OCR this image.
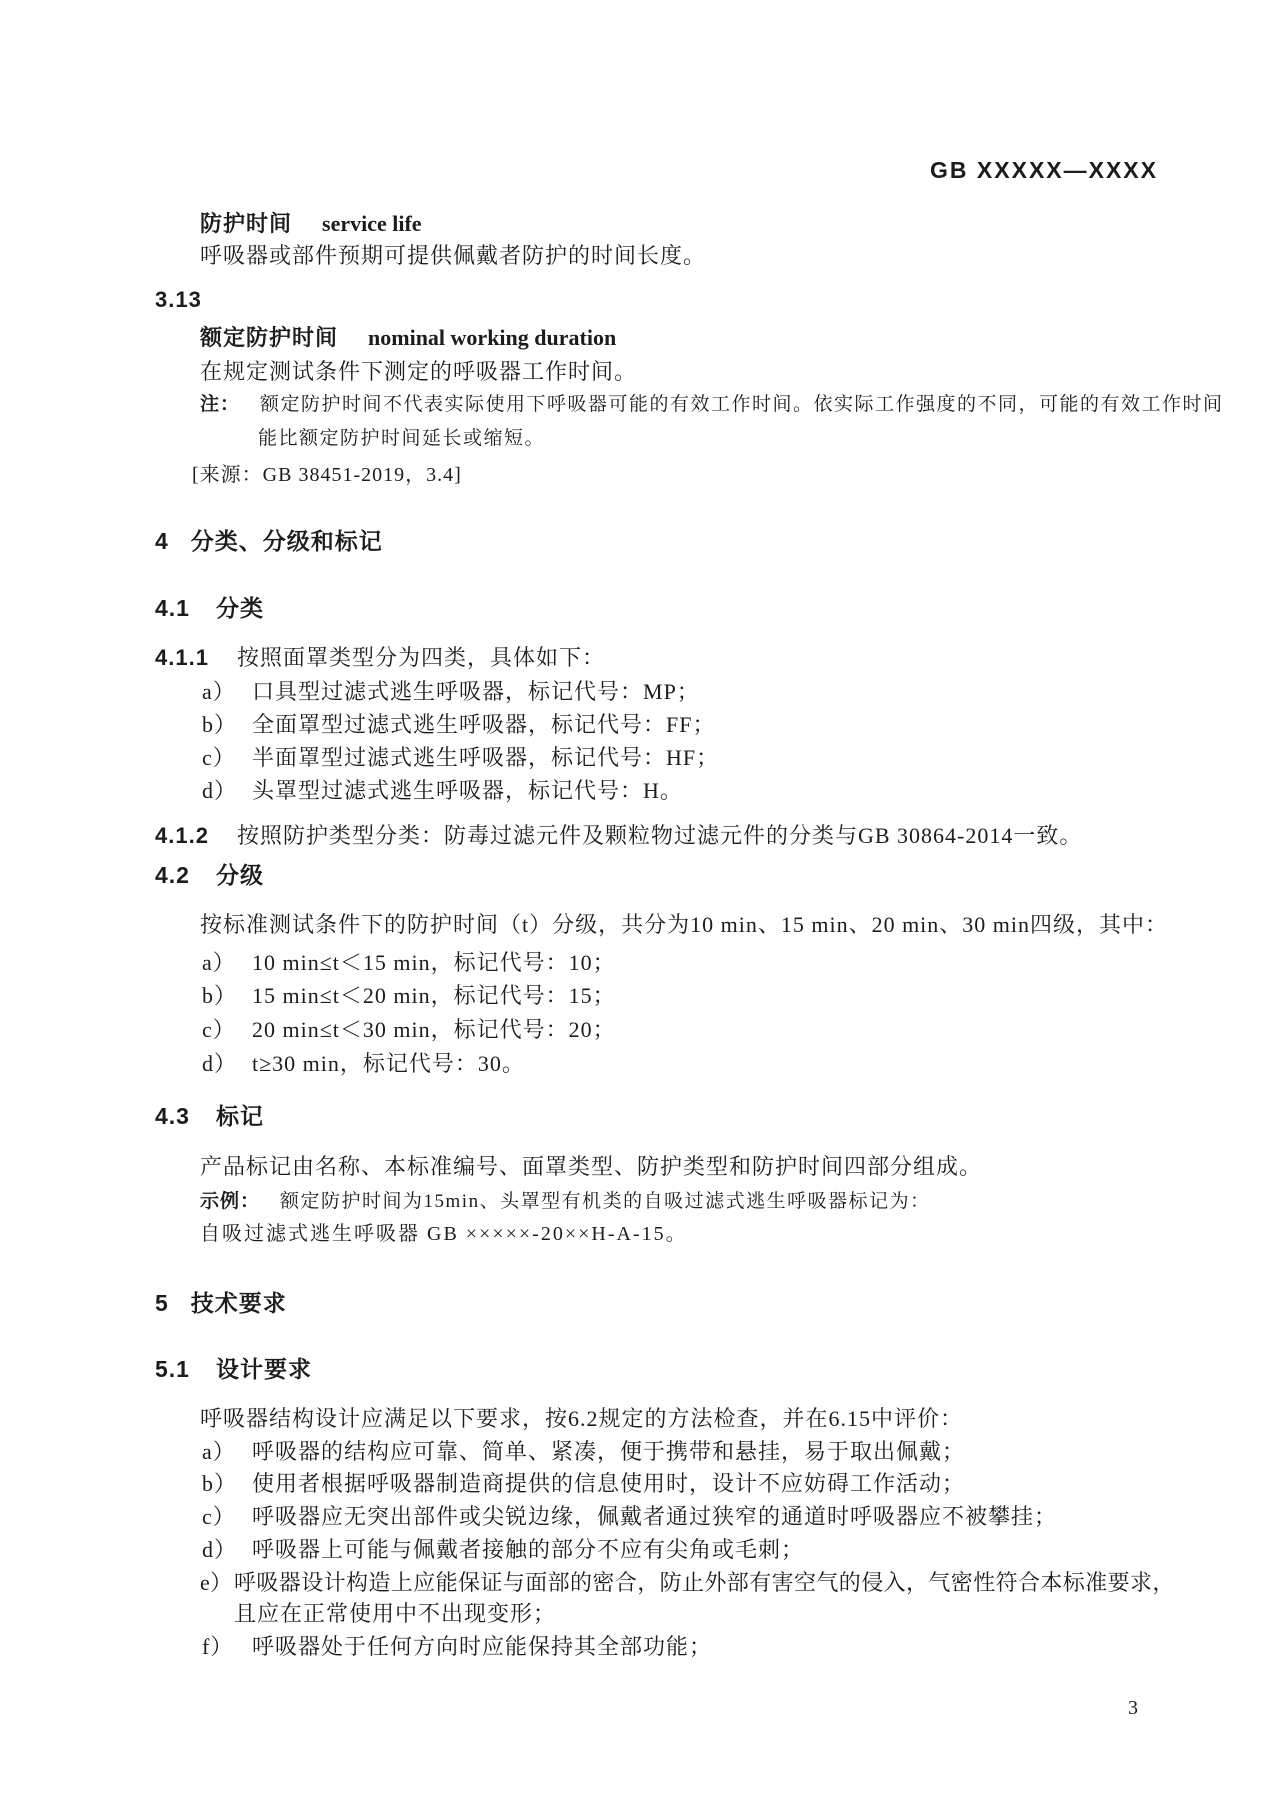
GB XXXXX—XXXX
防护时间 service life
呼吸器或部件预期可提供佩戴者防护的时间长度。
3.13
额定防护时间 nominal working duration
在规定测试条件下测定的呼吸器工作时间。
注： 额定防护时间不代表实际使用下呼吸器可能的有效工作时间。依实际工作强度的不同，可能的有效工作时间
能比额定防护时间延长或缩短。
[来源：GB 38451-2019，3.4]
4 分类、分级和标记
4.1 分类
4.1.1 按照面罩类型分为四类，具体如下：
a） 口具型过滤式逃生呼吸器，标记代号：MP；
b） 全面罩型过滤式逃生呼吸器，标记代号：FF；
c） 半面罩型过滤式逃生呼吸器，标记代号：HF；
d） 头罩型过滤式逃生呼吸器，标记代号：H。
4.1.2 按照防护类型分类：防毒过滤元件及颗粒物过滤元件的分类与GB 30864-2014一致。
4.2 分级
按标准测试条件下的防护时间（t）分级，共分为10 min、15 min、20 min、30 min四级，其中：
a） 10 min≤t＜15 min，标记代号：10；
b） 15 min≤t＜20 min，标记代号：15；
c） 20 min≤t＜30 min，标记代号：20；
d） t≥30 min，标记代号：30。
4.3 标记
产品标记由名称、本标准编号、面罩类型、防护类型和防护时间四部分组成。
示例： 额定防护时间为15min、头罩型有机类的自吸过滤式逃生呼吸器标记为：
自吸过滤式逃生呼吸器 GB ×××××-20××H-A-15。
5 技术要求
5.1 设计要求
呼吸器结构设计应满足以下要求，按6.2规定的方法检查，并在6.15中评价：
a） 呼吸器的结构应可靠、简单、紧凑，便于携带和悬挂，易于取出佩戴；
b） 使用者根据呼吸器制造商提供的信息使用时，设计不应妨碍工作活动；
c） 呼吸器应无突出部件或尖锐边缘，佩戴者通过狭窄的通道时呼吸器应不被攀挂；
d） 呼吸器上可能与佩戴者接触的部分不应有尖角或毛刺；
e）呼吸器设计构造上应能保证与面部的密合，防止外部有害空气的侵入，气密性符合本标准要求，
且应在正常使用中不出现变形；
f） 呼吸器处于任何方向时应能保持其全部功能；
3
